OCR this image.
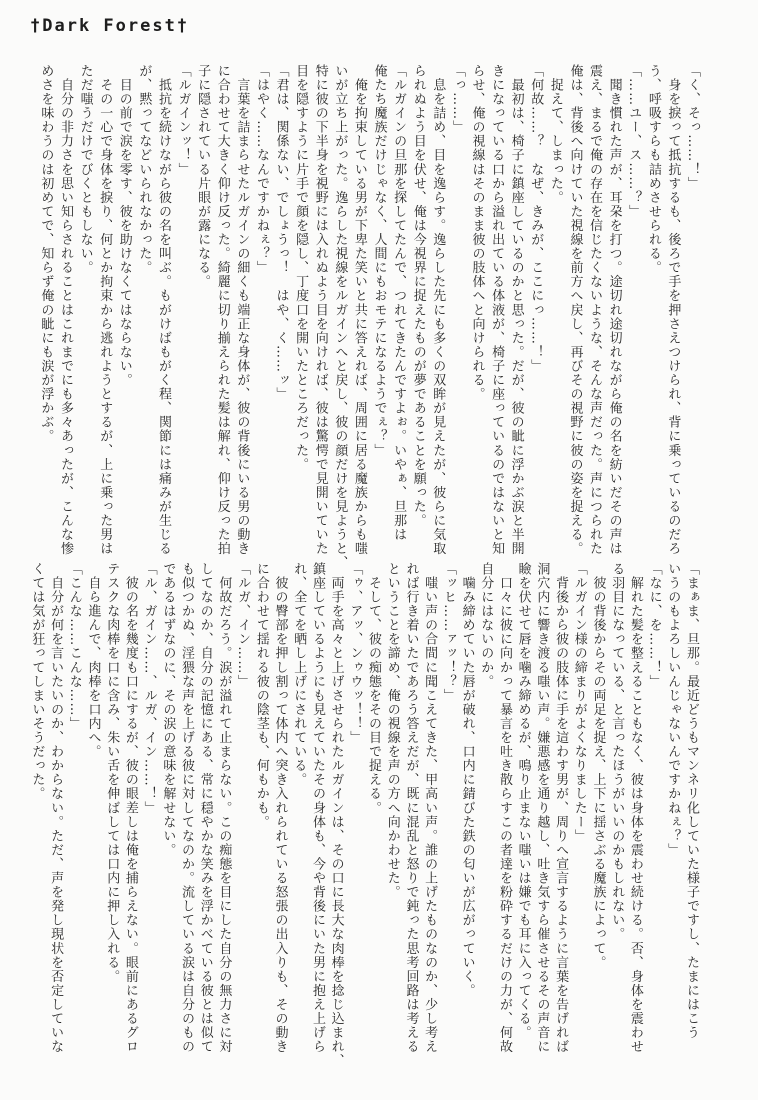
†Dark Forest†
「く、そっ……！」
　身を捩って抵抗するも、後ろで手を押さえつけられ、背に乗っているのだろ
う、呼吸すらも詰めさせられる。
「……ユー、ス……？」
　聞き慣れた声が、耳朶を打つ。途切れ途切れながら俺の名を紡いだその声は
震え、まるで俺の存在を信じたくないような、そんな声だった。声につられた
俺は、背後へ向けていた視線を前方へ戻し、再びその視野に彼の姿を捉える。
　捉えて、しまった。
「何故……？　なぜ、きみが、ここにっ……！」
　最初は、椅子に鎮座しているのかと思った。だが、彼の眦に浮かぶ涙と半開
きになっている口から溢れ出ている体液が、椅子に座っているのではないと知
らせ、俺の視線はそのまま彼の肢体へと向けられる。
「っ……」
　息を詰め、目を逸らす。逸らした先にも多くの双眸が見えたが、彼らに気取
られぬよう目を伏せ、俺は今視界に捉えたものが夢であることを願った。
「ルガインの旦那を探してたんで、つれてきたんですよぉ。いやぁ、旦那は
俺たち魔族だけじゃなく、人間にもおモテになるようでぇ？」
　俺を拘束している男が下卑た笑いと共に答えれば、周囲に居る魔族からも嗤
いが立ち上がった。逸らした視線をルガインへと戻し、彼の顔だけを見ようと、
特に彼の下半身を視野には入れぬよう目を向ければ、彼は驚愕で見開いていた
目を隠すように片手で顔を隠し、丁度口を開いたところだった。
「君は、関係ない、でしょうっ！　はや、く……ッ」
「はやく……なんですかねぇ？」
　言葉を詰まらせたルガインの細くも端正な身体が、彼の背後にいる男の動き
に合わせて大きく仰け反った。綺麗に切り揃えられた髪は解れ、仰け反った拍
子に隠されている片眼が露になる。
「ルガインッ！」
　抵抗を続けながら彼の名を叫ぶ。もがけばもがく程、関節には痛みが生じる
が、黙ってなどいられなかった。
　目の前で涙を零す、彼を助けなくてはならない。
　その一心で身体を捩り、何とか拘束から逃れようとするが、上に乗った男は
ただ嗤うだけでびくともしない。
　自分の非力さを思い知らされることはこれまでにも多々あったが、こんな惨
めさを味わうのは初めてで、知らず俺の眦にも涙が浮かぶ。
「まぁま、旦那。最近どうもマンネリ化していた様子ですし、たまにはこう
いうのもよろしいんじゃないんですかねぇ？」
「なに、を……！」
　解れた髪を整えることもなく、彼は身体を震わせ続ける。否、身体を震わせ
る羽目になっている、と言ったほうがいいのかもしれない。
　彼の背後からその両足を捉え、上下に揺さぶる魔族によって。
「ルガイン様の締まりがよくなりましたー」
　背後から彼の肢体に手を這わす男が、周りへ宣言するように言葉を告げれば
洞穴内に響き渡る嗤い声。嫌悪感を通り越し、吐き気すら催させるその声音に
瞼を伏せて唇を噛み締めるが、鳴り止まない嗤いは嫌でも耳に入ってくる。
　口々に彼に向かって暴言を吐き散らすこの者達を粉砕するだけの力が、何故
自分にはないのか。
　噛み締めていた唇が破れ、口内に錆びた鉄の匂いが広がっていく。
「ッヒ……ァッ！？」
　嗤い声の合間に聞こえてきた、甲高い声。誰の上げたものなのか、少し考え
れば行き着いたであろう答えだが、既に混乱と怒りで鈍った思考回路は考える
ということを諦め、俺の視線を声の方へ向かわせた。
　そして、彼の痴態をその目で捉える。
「ゥ、アッ、ンゥウッ！！」
　両手を高々と上げさせられたルガインは、その口に長大な肉棒を捻じ込まれ、
鎮座しているようにも見えていたその身体も、今や背後にいた男に抱え上げら
れ、全てを晒し上げにされている。
　彼の臀部を押し割って体内へ突き入れられている怒張の出入りも、その動き
に合わせて揺れる彼の陰茎も、何もかも。
「ルガ、イン……」
　何故だろう。涙が溢れて止まらない。この痴態を目にした自分の無力さに対
してなのか、自分の記憶にある、常に穏やかな笑みを浮かべている彼とは似て
も似つかぬ、淫猥な声を上げる彼に対してなのか。流している涙は自分のもの
であるはずなのに、その涙の意味を解せない。
「ル、ガイン……、ルガ、イン……！」
　彼の名を幾度も口にするが、彼の眼差しは俺を捕らえない。眼前にあるグロ
テスクな肉棒を口に含み、朱い舌を伸ばしては口内に押し入れる。
　自ら進んで、肉棒を口内へ。
「こんな……こんな……」
　自分が何を言いたいのか、わからない。ただ、声を発し現状を否定していな
くては気が狂ってしまいそうだった。
